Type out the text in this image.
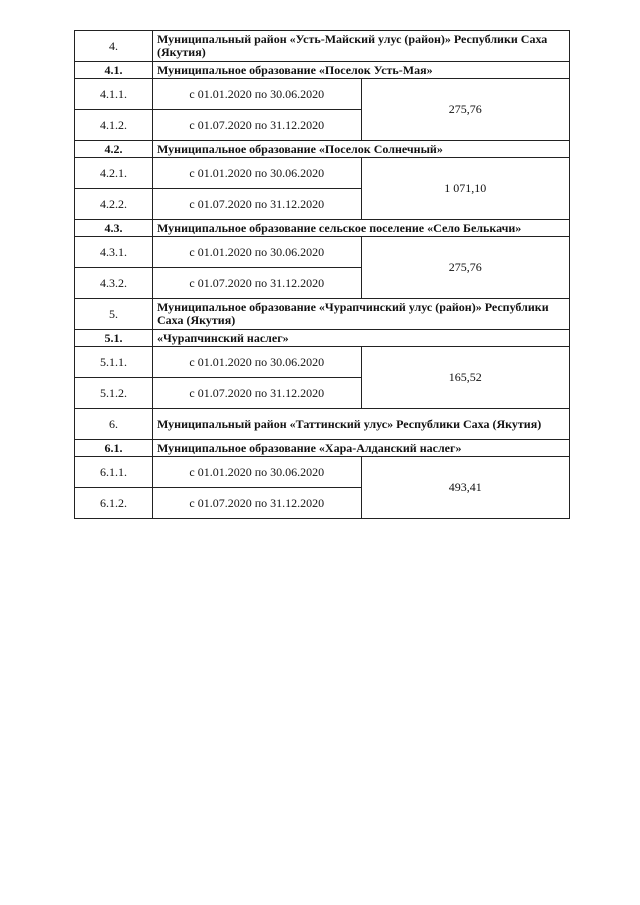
4.	Муниципальный район «Усть-Майский улус (район)» Республики Саха (Якутия)	
4.1.	Муниципальное образование «Поселок Усть-Мая»	
4.1.1.	с 01.01.2020 по 30.06.2020	275,76
4.1.2.	с 01.07.2020 по 31.12.2020	
4.2.	Муниципальное образование «Поселок Солнечный»	
4.2.1.	с 01.01.2020 по 30.06.2020	1 071,10
4.2.2.	с 01.07.2020 по 31.12.2020	
4.3.	Муниципальное образование сельское поселение «Село Белькачи»	
4.3.1.	с 01.01.2020 по 30.06.2020	275,76
4.3.2.	с 01.07.2020 по 31.12.2020	
5.	Муниципальное образование «Чурапчинский улус (район)» Республики Саха (Якутия)	
5.1.	«Чурапчинский наслег»	
5.1.1.	с 01.01.2020 по 30.06.2020	165,52
5.1.2.	с 01.07.2020 по 31.12.2020	
6.	Муниципальный район «Таттинский улус» Республики Саха (Якутия)	
6.1.	Муниципальное образование «Хара-Алданский наслег»	
6.1.1.	с 01.01.2020 по 30.06.2020	493,41
6.1.2.	с 01.07.2020 по 31.12.2020	
